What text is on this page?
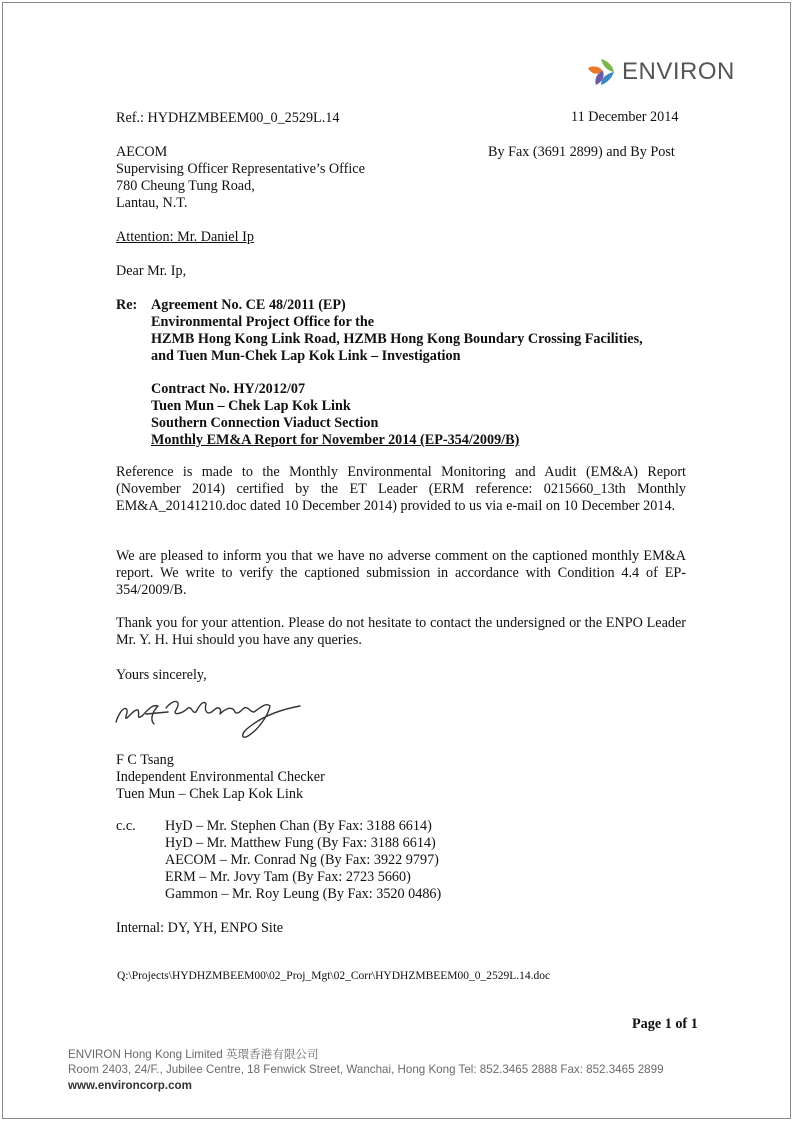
ENVIRON
Ref.: HYDHZMBEEM00_0_2529L.14	11 December 2014
AECOM	By Fax (3691 2899) and By Post
Supervising Officer Representative’s Office
780 Cheung Tung Road,
Lantau, N.T.
Attention: Mr. Daniel Ip
Dear Mr. Ip,
Re: Agreement No. CE 48/2011 (EP)
Environmental Project Office for the
HZMB Hong Kong Link Road, HZMB Hong Kong Boundary Crossing Facilities,
and Tuen Mun-Chek Lap Kok Link – Investigation
Contract No. HY/2012/07
Tuen Mun – Chek Lap Kok Link
Southern Connection Viaduct Section
Monthly EM&A Report for November 2014 (EP-354/2009/B)
Reference is made to the Monthly Environmental Monitoring and Audit (EM&A) Report (November 2014) certified by the ET Leader (ERM reference: 0215660_13th Monthly EM&A_20141210.doc dated 10 December 2014) provided to us via e-mail on 10 December 2014.
We are pleased to inform you that we have no adverse comment on the captioned monthly EM&A report. We write to verify the captioned submission in accordance with Condition 4.4 of EP-354/2009/B.
Thank you for your attention. Please do not hesitate to contact the undersigned or the ENPO Leader Mr. Y. H. Hui should you have any queries.
Yours sincerely,
F C Tsang
Independent Environmental Checker
Tuen Mun – Chek Lap Kok Link
c.c. HyD – Mr. Stephen Chan (By Fax: 3188 6614)
HyD – Mr. Matthew Fung (By Fax: 3188 6614)
AECOM – Mr. Conrad Ng (By Fax: 3922 9797)
ERM – Mr. Jovy Tam (By Fax: 2723 5660)
Gammon – Mr. Roy Leung (By Fax: 3520 0486)
Internal: DY, YH, ENPO Site
Q:\Projects\HYDHZMBEEM00\02_Proj_Mgt\02_Corr\HYDHZMBEEM00_0_2529L.14.doc
Page 1 of 1
ENVIRON Hong Kong Limited 英環香港有限公司
Room 2403, 24/F., Jubilee Centre, 18 Fenwick Street, Wanchai, Hong Kong Tel: 852.3465 2888 Fax: 852.3465 2899
www.environcorp.com
